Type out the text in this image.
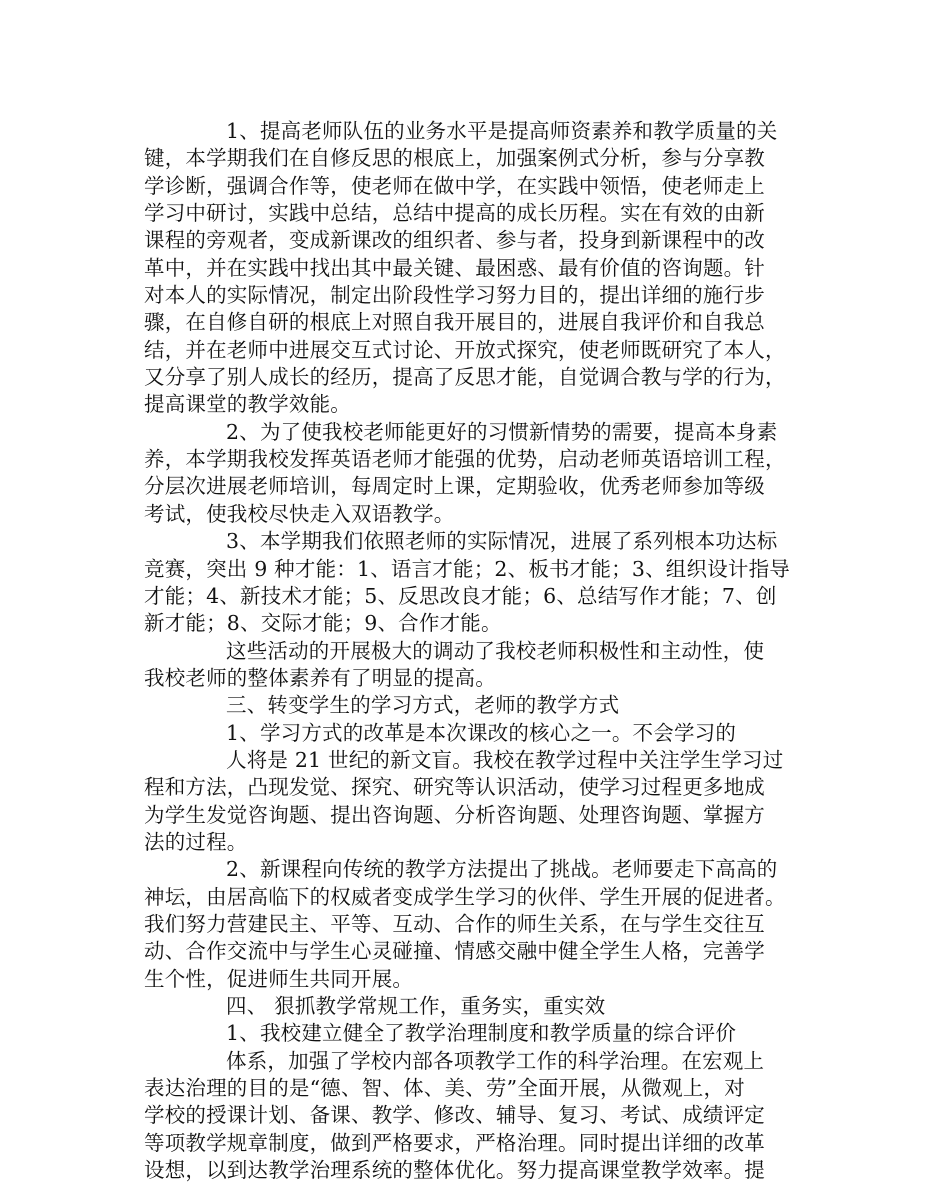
1、提高老师队伍的业务水平是提高师资素养和教学质量的关
键，本学期我们在自修反思的根底上，加强案例式分析，参与分享教
学诊断，强调合作等，使老师在做中学，在实践中领悟，使老师走上
学习中研讨，实践中总结，总结中提高的成长历程。实在有效的由新
课程的旁观者，变成新课改的组织者、参与者，投身到新课程中的改
革中，并在实践中找出其中最关键、最困惑、最有价值的咨询题。针
对本人的实际情况，制定出阶段性学习努力目的，提出详细的施行步
骤，在自修自研的根底上对照自我开展目的，进展自我评价和自我总
结，并在老师中进展交互式讨论、开放式探究，使老师既研究了本人，
又分享了别人成长的经历，提高了反思才能，自觉调合教与学的行为，
提高课堂的教学效能。
2、为了使我校老师能更好的习惯新情势的需要，提高本身素
养，本学期我校发挥英语老师才能强的优势，启动老师英语培训工程，
分层次进展老师培训，每周定时上课，定期验收，优秀老师参加等级
考试，使我校尽快走入双语教学。
3、本学期我们依照老师的实际情况，进展了系列根本功达标
竞赛，突出 9 种才能：1、语言才能；2、板书才能；3、组织设计指导
才能；4、新技术才能；5、反思改良才能；6、总结写作才能；7、创
新才能；8、交际才能；9、合作才能。
这些活动的开展极大的调动了我校老师积极性和主动性，使
我校老师的整体素养有了明显的提高。
三、转变学生的学习方式，老师的教学方式
1、学习方式的改革是本次课改的核心之一。不会学习的
人将是 21 世纪的新文盲。我校在教学过程中关注学生学习过
程和方法，凸现发觉、探究、研究等认识活动，使学习过程更多地成
为学生发觉咨询题、提出咨询题、分析咨询题、处理咨询题、掌握方
法的过程。
2、新课程向传统的教学方法提出了挑战。老师要走下高高的
神坛，由居高临下的权威者变成学生学习的伙伴、学生开展的促进者。
我们努力营建民主、平等、互动、合作的师生关系，在与学生交往互
动、合作交流中与学生心灵碰撞、情感交融中健全学生人格，完善学
生个性，促进师生共同开展。
四、 狠抓教学常规工作，重务实，重实效
1、我校建立健全了教学治理制度和教学质量的综合评价
体系，加强了学校内部各项教学工作的科学治理。在宏观上
表达治理的目的是“德、智、体、美、劳”全面开展，从微观上，对
学校的授课计划、备课、教学、修改、辅导、复习、考试、成绩评定
等项教学规章制度，做到严格要求，严格治理。同时提出详细的改革
设想，以到达教学治理系统的整体优化。努力提高课堂教学效率。提
